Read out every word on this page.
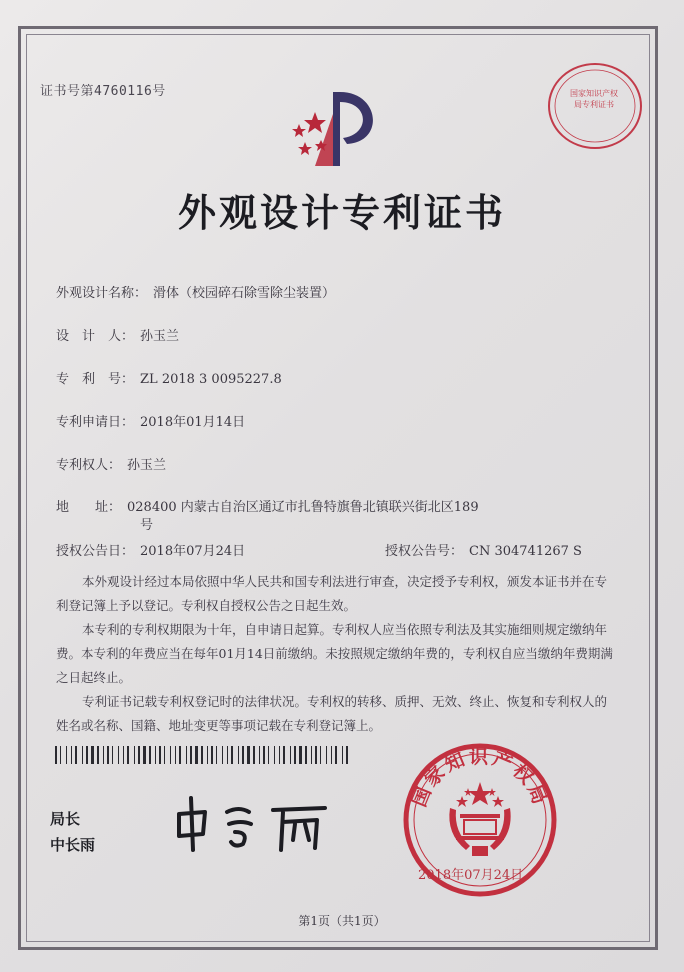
证书号第4760116号
外观设计专利证书
国家知识产权局专利证书
外观设计名称： 滑体（校园碎石除雪除尘装置）
设　计　人： 孙玉兰
专　利　号： ZL 2018 3 0095227.8
专利申请日： 2018年01月14日
专利权人： 孙玉兰
地　　址： 028400 内蒙古自治区通辽市扎鲁特旗鲁北镇联兴街北区189
号
授权公告日： 2018年07月24日	授权公告号： CN 304741267 S
本外观设计经过本局依照中华人民共和国专利法进行审查，决定授予专利权，颁发本证书并在专利登记簿上予以登记。专利权自授权公告之日起生效。
本专利的专利权期限为十年，自申请日起算。专利权人应当依照专利法及其实施细则规定缴纳年费。本专利的年费应当在每年01月14日前缴纳。未按照规定缴纳年费的，专利权自应当缴纳年费期满之日起终止。
专利证书记载专利权登记时的法律状况。专利权的转移、质押、无效、终止、恢复和专利权人的姓名或名称、国籍、地址变更等事项记载在专利登记簿上。
局长
中长雨
国家知识产权局
2018年07月24日
第1页（共1页）
